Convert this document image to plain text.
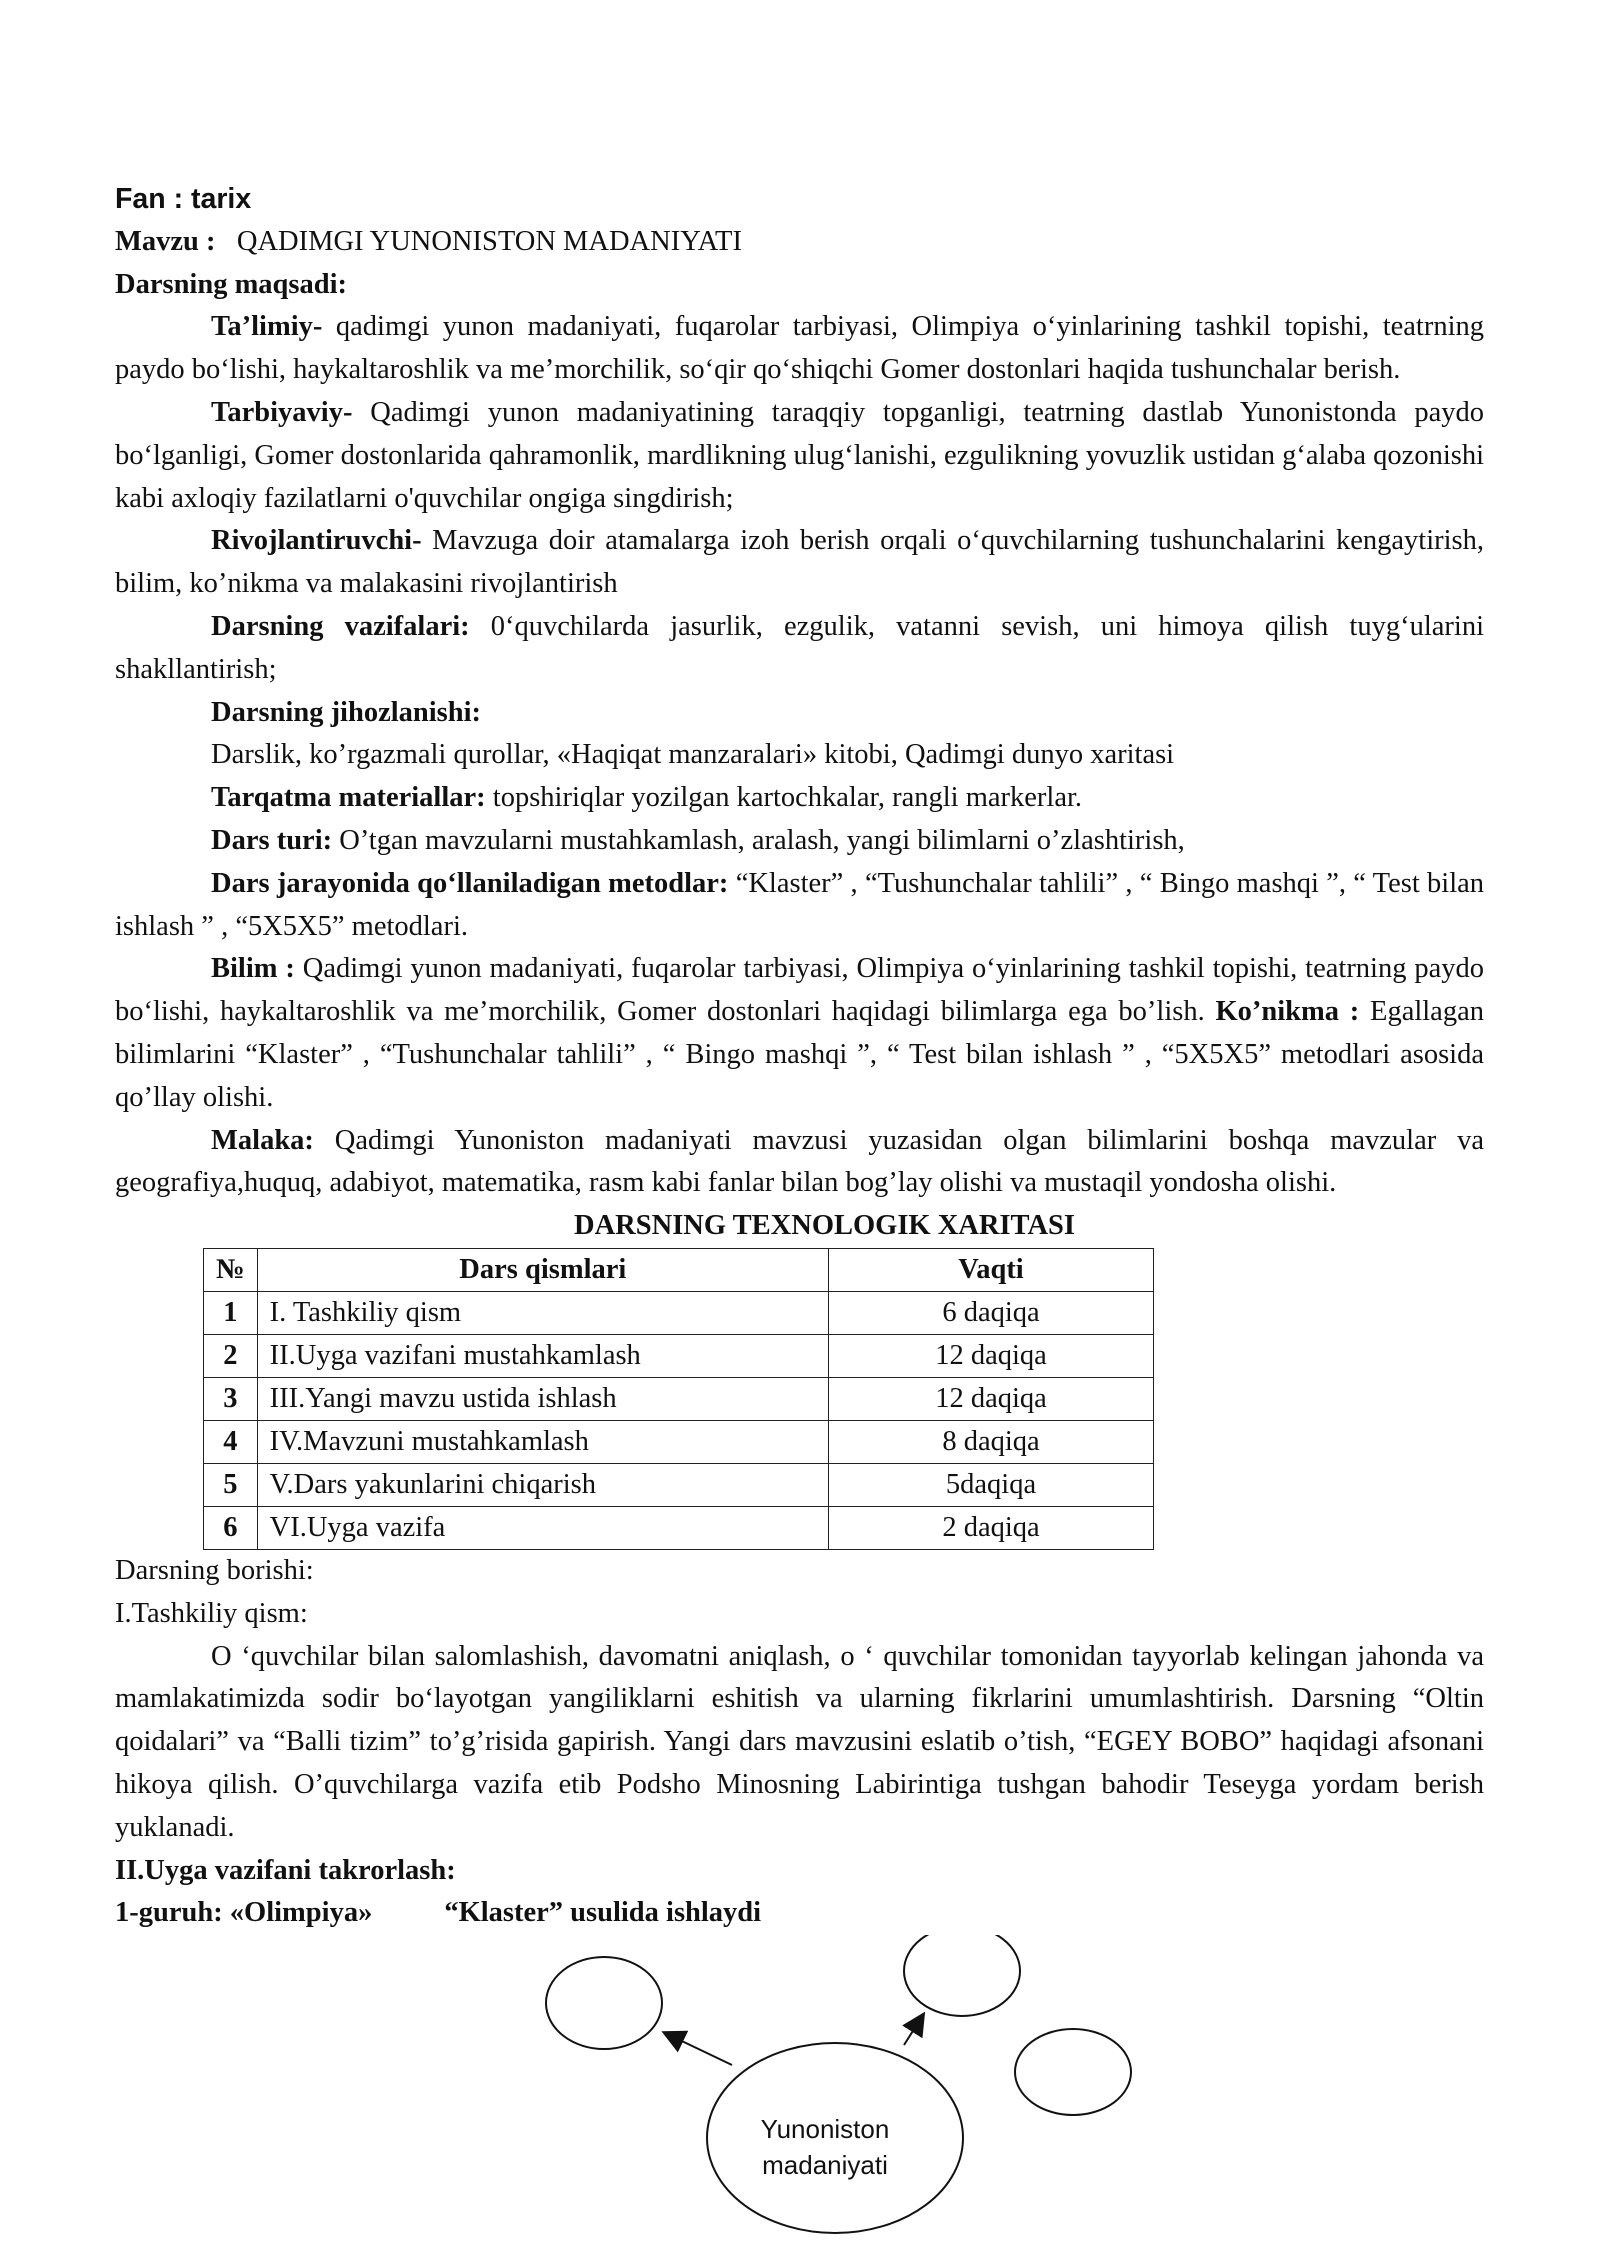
Fan : tarix

Mavzu : QADIMGI YUNONISTON MADANIYATI

Darsning maqsadi:

Ta’limiy- qadimgi yunon madaniyati, fuqarolar tarbiyasi, Olimpiya o‘yinlarining tashkil topishi, teatrning paydo bo‘lishi, haykaltaroshlik va me’morchilik, so‘qir qo‘shiqchi Gomer dostonlari haqida tushunchalar berish.

Tarbiyaviy- Qadimgi yunon madaniyatining taraqqiy topganligi, teatrning dastlab Yunonistonda paydo bo‘lganligi, Gomer dostonlarida qahramonlik, mardlikning ulug‘lanishi, ezgulikning yovuzlik ustidan g‘alaba qozonishi kabi axloqiy fazilatlarni o'quvchilar ongiga singdirish;

Rivojlantiruvchi- Mavzuga doir atamalarga izoh berish orqali o‘quvchilarning tushunchalarini kengaytirish, bilim, ko’nikma va malakasini rivojlantirish

Darsning vazifalari: 0‘quvchilarda jasurlik, ezgulik, vatanni sevish, uni himoya qilish tuyg‘ularini shakllantirish;

Darsning jihozlanishi:

Darslik, ko’rgazmali qurollar, «Haqiqat manzaralari» kitobi, Qadimgi dunyo xaritasi

Tarqatma materiallar: topshiriqlar yozilgan kartochkalar, rangli markerlar.

Dars turi: O’tgan mavzularni mustahkamlash, aralash, yangi bilimlarni o’zlashtirish,

Dars jarayonida qo‘llaniladigan metodlar: “Klaster” , “Tushunchalar tahlili” , “ Bingo mashqi ”, “ Test bilan ishlash ” , “5X5X5” metodlari.

Bilim : Qadimgi yunon madaniyati, fuqarolar tarbiyasi, Olimpiya o‘yinlarining tashkil topishi, teatrning paydo bo‘lishi, haykaltaroshlik va me’morchilik, Gomer dostonlari haqidagi bilimlarga ega bo’lish. Ko’nikma : Egallagan bilimlarini “Klaster” , “Tushunchalar tahlili” , “ Bingo mashqi ”, “ Test bilan ishlash ” , “5X5X5” metodlari asosida qo’llay olishi.

Malaka: Qadimgi Yunoniston madaniyati mavzusi yuzasidan olgan bilimlarini boshqa mavzular va geografiya,huquq, adabiyot, matematika, rasm kabi fanlar bilan bog’lay olishi va mustaqil yondosha olishi.

DARSNING TEXNOLOGIK XARITASI

№	Dars qismlari	Vaqti
1	I. Tashkiliy qism	6 daqiqa
2	II.Uyga vazifani mustahkamlash	12 daqiqa
3	III.Yangi mavzu ustida ishlash	12 daqiqa
4	IV.Mavzuni mustahkamlash	8 daqiqa
5	V.Dars yakunlarini chiqarish	5daqiqa
6	VI.Uyga vazifa	2 daqiqa

Darsning borishi:

I.Tashkiliy qism:

O ‘quvchilar bilan salomlashish, davomatni aniqlash, o ‘ quvchilar tomonidan tayyorlab kelingan jahonda va mamlakatimizda sodir bo‘layotgan yangiliklarni eshitish va ularning fikrlarini umumlashtirish. Darsning “Oltin qoidalari” va “Balli tizim” to’g’risida gapirish. Yangi dars mavzusini eslatib o’tish, “EGEY BOBO” haqidagi afsonani hikoya qilish. O’quvchilarga vazifa etib Podsho Minosning Labirintiga tushgan bahodir Teseyga yordam berish yuklanadi.

II.Uyga vazifani takrorlash:

1-guruh: «Olimpiya»	“Klaster” usulida ishlaydi

Yunoniston
madaniyati
